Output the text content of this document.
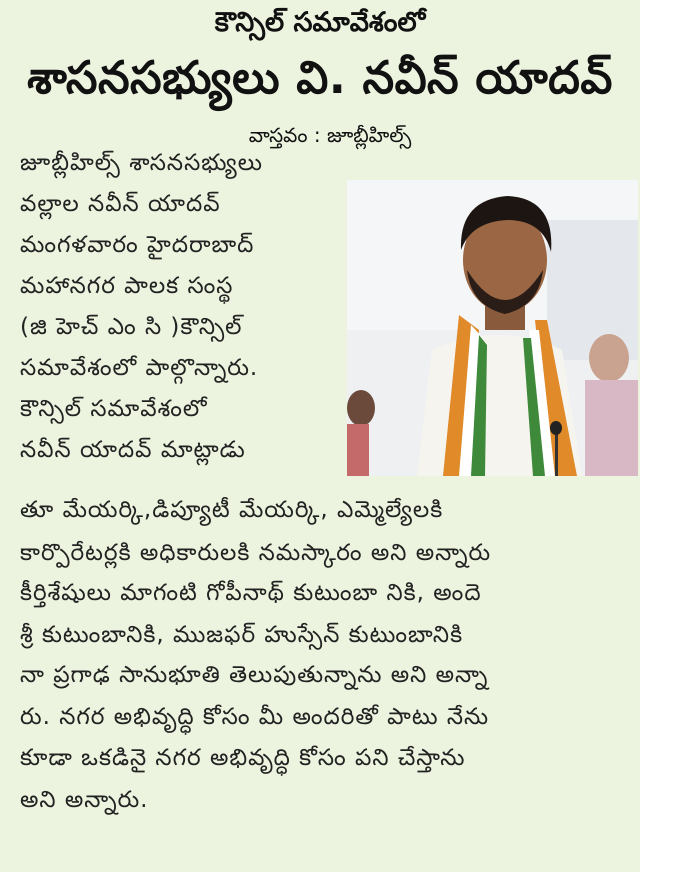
కౌన్సిల్ సమావేశంలో
శాసనసభ్యులు వి. నవీన్ యాదవ్
వాస్తవం : జూబ్లీహిల్స్
జూబ్లీహిల్స్ శాసనసభ్యులు
వల్లాల నవీన్ యాదవ్
మంగళవారం హైదరాబాద్
మహానగర పాలక సంస్థ
(జి హెచ్ ఎం సి )కౌన్సిల్
సమావేశంలో పాల్గొన్నారు.
కౌన్సిల్ సమావేశంలో
నవీన్ యాదవ్ మాట్లాడు
తూ మేయర్కి,డిప్యూటీ మేయర్కి, ఎమ్మెల్యేలకి
కార్పొరేటర్లకి అధికారులకి నమస్కారం అని అన్నారు
కీర్తిశేషులు మాగంటి గోపీనాథ్ కుటుంబా నికి, అందె
శ్రీ కుటుంబానికి, ముజఫర్ హుస్సేన్ కుటుంబానికి
నా ప్రగాఢ సానుభూతి తెలుపుతున్నాను అని అన్నా
రు. నగర అభివృద్ధి కోసం మీ అందరితో పాటు నేను
కూడా ఒకడినై నగర అభివృద్ధి కోసం పని చేస్తాను
అని అన్నారు.
